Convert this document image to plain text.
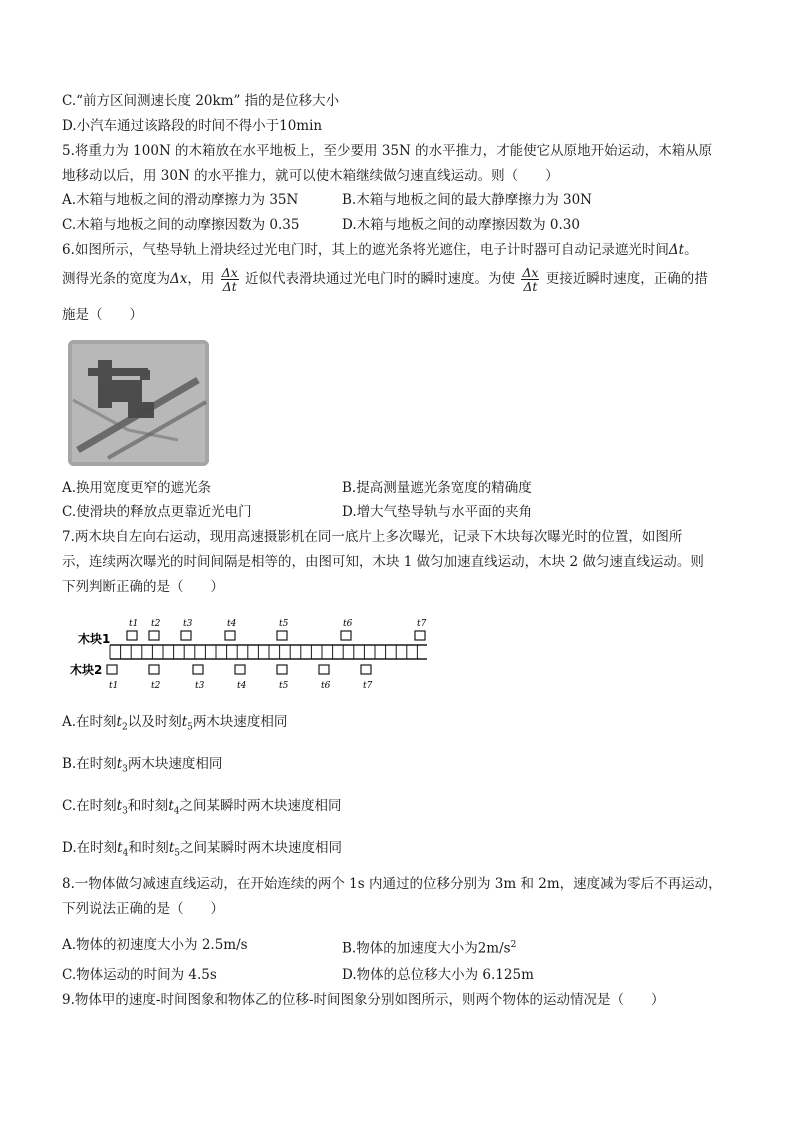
C.“前方区间测速长度 20km” 指的是位移大小
D.小汽车通过该路段的时间不得小于10min
5.将重力为 100N 的木箱放在水平地板上，至少要用 35N 的水平推力，才能使它从原地开始运动，木箱从原
地移动以后，用 30N 的水平推力，就可以使木箱继续做匀速直线运动。则（　　）
A.木箱与地板之间的滑动摩擦力为 35N	B.木箱与地板之间的最大静摩擦力为 30N
C.木箱与地板之间的动摩擦因数为 0.35	D.木箱与地板之间的动摩擦因数为 0.30
6.如图所示，气垫导轨上滑块经过光电门时，其上的遮光条将光遮住，电子计时器可自动记录遮光时间Δt。
测得光条的宽度为Δx，用 $\frac{\Delta x}{\Delta t}$ 近似代表滑块通过光电门时的瞬时速度。为使 $\frac{\Delta x}{\Delta t}$ 更接近瞬时速度，正确的措
施是（　　）
A.换用宽度更窄的遮光条	B.提高测量遮光条宽度的精确度
C.使滑块的释放点更靠近光电门	D.增大气垫导轨与水平面的夹角
7.两木块自左向右运动，现用高速摄影机在同一底片上多次曝光，记录下木块每次曝光时的位置，如图所
示，连续两次曝光的时间间隔是相等的，由图可知，木块 1 做匀加速直线运动，木块 2 做匀速直线运动。则
下列判断正确的是（　　）
木块1
木块2
t1 t2	t3	t4	t5	t6	t7
t1	t2	t3	t4	t5	t6	t7
A.在时刻$t_2$以及时刻$t_5$两木块速度相同
B.在时刻$t_3$两木块速度相同
C.在时刻$t_3$和时刻$t_4$之间某瞬时两木块速度相同
D.在时刻$t_4$和时刻$t_5$之间某瞬时两木块速度相同
8.一物体做匀减速直线运动，在开始连续的两个 1s 内通过的位移分别为 3m 和 2m，速度减为零后不再运动，
下列说法正确的是（　　）
A.物体的初速度大小为 2.5m/s	B.物体的加速度大小为$2m/s^2$
C.物体运动的时间为 4.5s	D.物体的总位移大小为 6.125m
9.物体甲的速度-时间图象和物体乙的位移-时间图象分别如图所示，则两个物体的运动情况是（　　）
